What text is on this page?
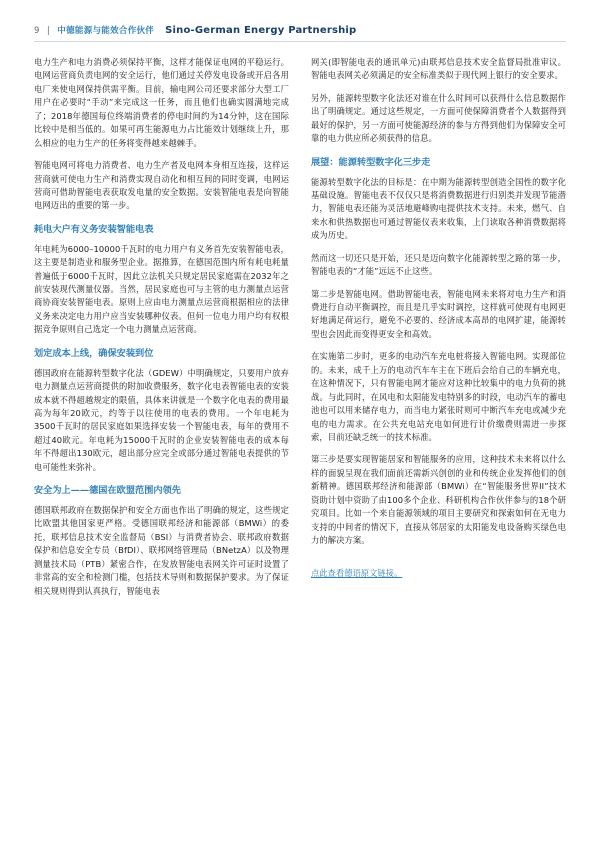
9 | 中德能源与能效合作伙伴 Sino-German Energy Partnership

电力生产和电力消费必须保持平衡，这样才能保证电网的平稳运行。电网运营商负责电网的安全运行，他们通过关停发电设备或开启各用电厂来使电网保持供需平衡。目前，输电网公司还要求部分大型工厂用户在必要时“手动”来完成这一任务，而且他们也确实圆满地完成了；2018年德国每位终端消费者的停电时间约为14分钟，这在国际比较中是相当低的。如果可再生能源电力占比能效计划继续上升，那么相应的电力生产的任务将变得越来越棘手。

智能电网可将电力消费者、电力生产者及电网本身相互连接，这样运营商就可使电力生产和消费实现自动化和相互间的同时变调，电网运营商可借助智能电表获取发电量的安全数据。安装智能电表是向智能电网迈出的重要的第一步。

耗电大户有义务安装智能电表

年电耗为6000–10000千瓦时的电力用户有义务首先安装智能电表，这主要是制造业和服务型企业。据推算，在德国范围内所有耗电耗量普遍低于6000千瓦时，因此立法机关只规定居民家庭需在2032年之前安装现代测量仪器。当然，居民家庭也可与主管的电力测量点运营商协商安装智能电表。原则上应由电力测量点运营商根据相应的法律义务来决定电力用户应当安装哪种仪表。但何一位电力用户均有权根据竞争原则自己选定一个电力测量点运营商。

划定成本上线，确保安装到位

德国政府在能源转型数字化法（GDEW）中明确规定，只要用户放弃电力测量点运营商提供的附加收费服务，数字化电表智能电表的安装成本就不得超越规定的限值，具体来讲就是一个数字化电表的费用最高为每年20欧元，约等于以往使用的电表的费用。一个年电耗为3500千瓦时的居民家庭如果选择安装一个智能电表，每年的费用不超过40欧元。年电耗为15000千瓦时的企业安装智能电表的成本每年不得超出130欧元，超出部分应完全或部分通过智能电表提供的节电可能性来弥补。

安全为上——德国在欧盟范围内领先

德国联邦政府在数据保护和安全方面也作出了明确的规定，这些规定比欧盟其他国家更严格。受德国联邦经济和能源部（BMWi）的委托，联邦信息技术安全监督局（BSI）与消费者协会、联邦政府数据保护和信息安全专员（BfDI）、联邦网络管理局（BNetzA）以及物理测量技术局（PTB）紧密合作，在发放智能电表网关许可证时设置了非常高的安全和检测门槛，包括技术导则和数据保护要求。为了保证相关规则得到认真执行，智能电表

网关(即智能电表的通讯单元)由联邦信息技术安全监督局批准审议。智能电表网关必须满足的安全标准类似于现代网上银行的安全要求。

另外，能源转型数字化法还对谁在什么时间可以获得什么信息数据作出了明确规定。通过这些规定，一方面可使保障消费者个人数据得到最好的保护，另一方面可使能源经济的参与方得到他们为保障安全可靠的电力供应所必须获得的信息。

展望：能源转型数字化三步走

能源转型数字化法的目标是：在中期为能源转型创造全国性的数字化基础设施。智能电表不仅仅只是将消费数据进行归别类并发现节能潜力，智能电表还能为灵活地避峰购电提供技术支持。未来，燃气、自来水和供热数据也可通过智能仪表来收集，上门读取各种消费数据将成为历史。

然而这一切还只是开始，还只是迈向数字化能源转型之路的第一步，智能电表的“才能”远远不止这些。

第二步是智能电网。借助智能电表，智能电网未来将对电力生产和消费进行自动平衡调控，而且是几乎实时调控，这样就可使现有电网更好地满足荷运行，避免不必要的、经济成本高昂的电网扩建，能源转型也会因此而变得更安全和高效。

在实施第二步时，更多的电动汽车充电桩将接入智能电网。实现部位的。未来，成千上万的电动汽车车主在下班后会给自己的车辆充电，在这种情况下，只有智能电网才能应对这种比较集中的电力负荷的挑战。与此同时，在风电和太阳能发电特别多的时段，电动汽车的蓄电池也可以用来储存电力，而当电力紧张时则可中断汽车充电或减少充电的电力需求。在公共充电站充电如何进行计价缴费则需进一步探索，目前还缺乏统一的技术标准。

第三步是要实现智能居家和智能服务的应用，这种技术未来将以什么样的面貌呈现在我们面前还需新兴创创的业和传统企业发挥他们的创新精神。德国联邦经济和能源部（BMWi）在“智能服务世界II”技术资助计划中资助了由100多个企业、科研机构合作伙伴参与的18个研究项目。比如一个来自能源领域的项目主要研究和探索如何在无电力支持的中间者的情况下，直接从邻居家的太阳能发电设备购买绿色电力的解决方案。

点此查看德语原文链接。
